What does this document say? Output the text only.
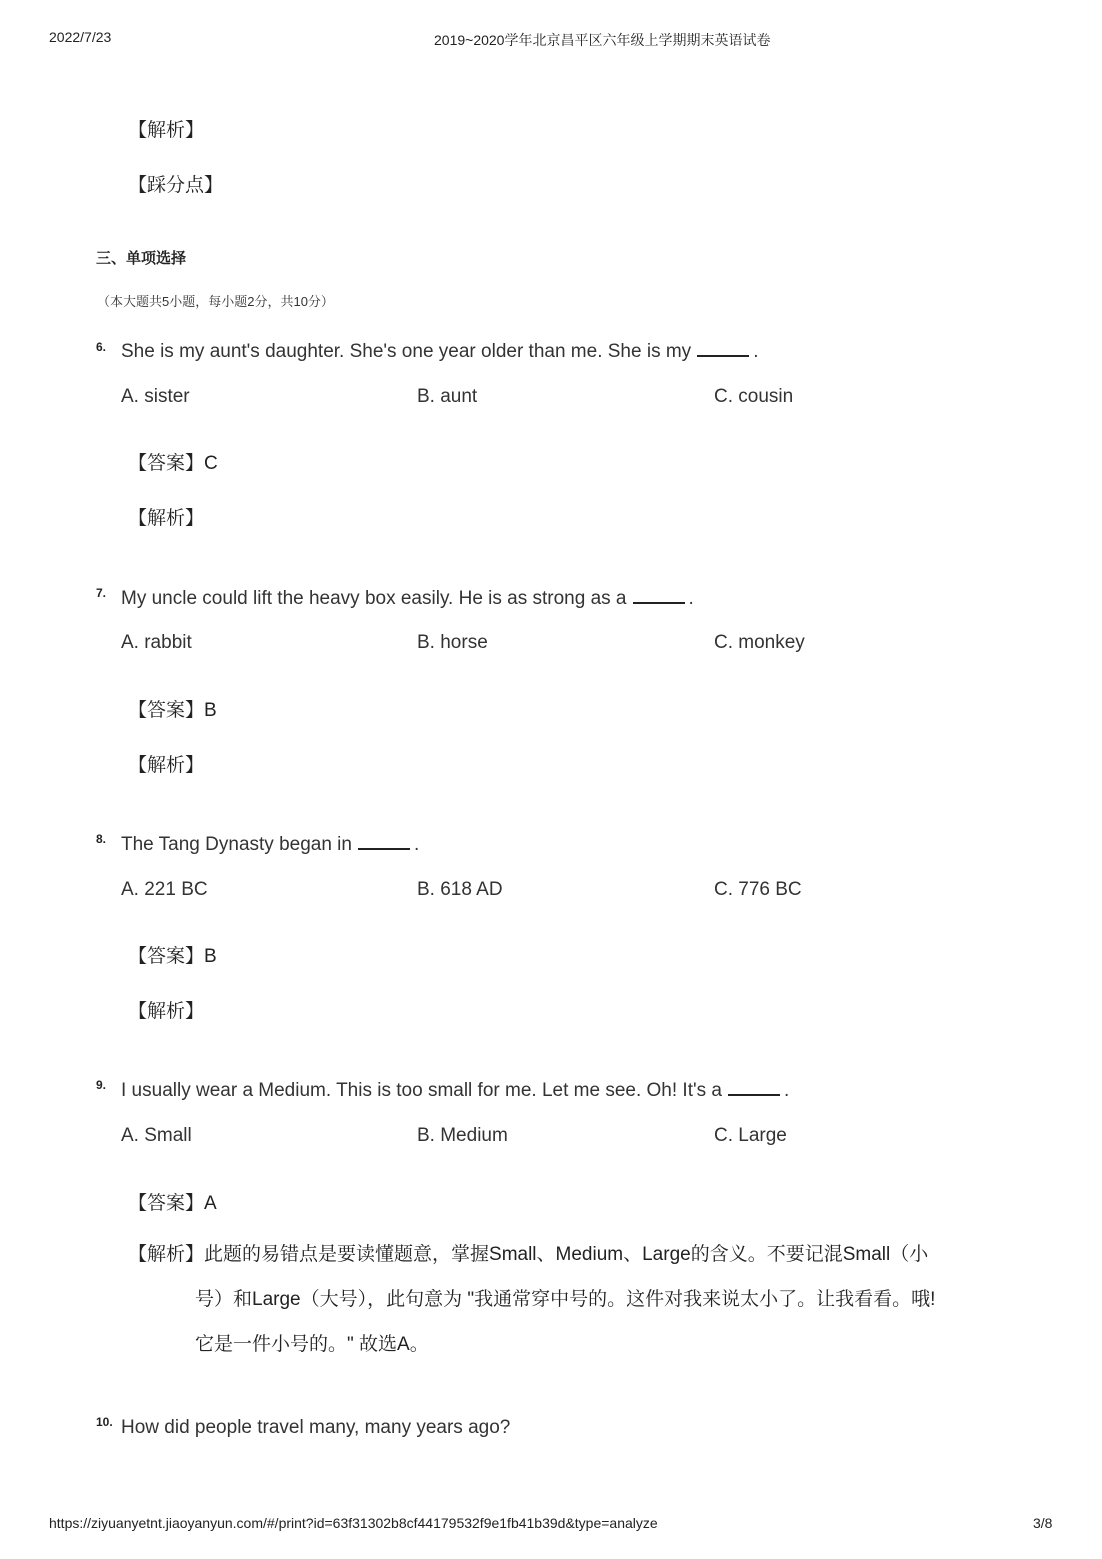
2022/7/23	2019~2020学年北京昌平区六年级上学期期末英语试卷
【解析】
【踩分点】
三、单项选择
（本大题共5小题，每小题2分，共10分）
6. She is my aunt's daughter. She's one year older than me. She is my	.
A. sister	B. aunt	C. cousin
【答案】C
【解析】
7. My uncle could lift the heavy box easily. He is as strong as a	.
A. rabbit	B. horse	C. monkey
【答案】B
【解析】
8. The Tang Dynasty began in	.
A. 221 BC	B. 618 AD	C. 776 BC
【答案】B
【解析】
9. I usually wear a Medium. This is too small for me. Let me see. Oh! It's a	.
A. Small	B. Medium	C. Large
【答案】A
【解析】此题的易错点是要读懂题意，掌握Small、Medium、Large的含义。不要记混Small（小
号）和Large（大号），此句意为 "我通常穿中号的。这件对我来说太小了。让我看看。哦!
它是一件小号的。" 故选A。
10. How did people travel many, many years ago?
https://ziyuanyetnt.jiaoyanyun.com/#/print?id=63f31302b8cf44179532f9e1fb41b39d&type=analyze	3/8
